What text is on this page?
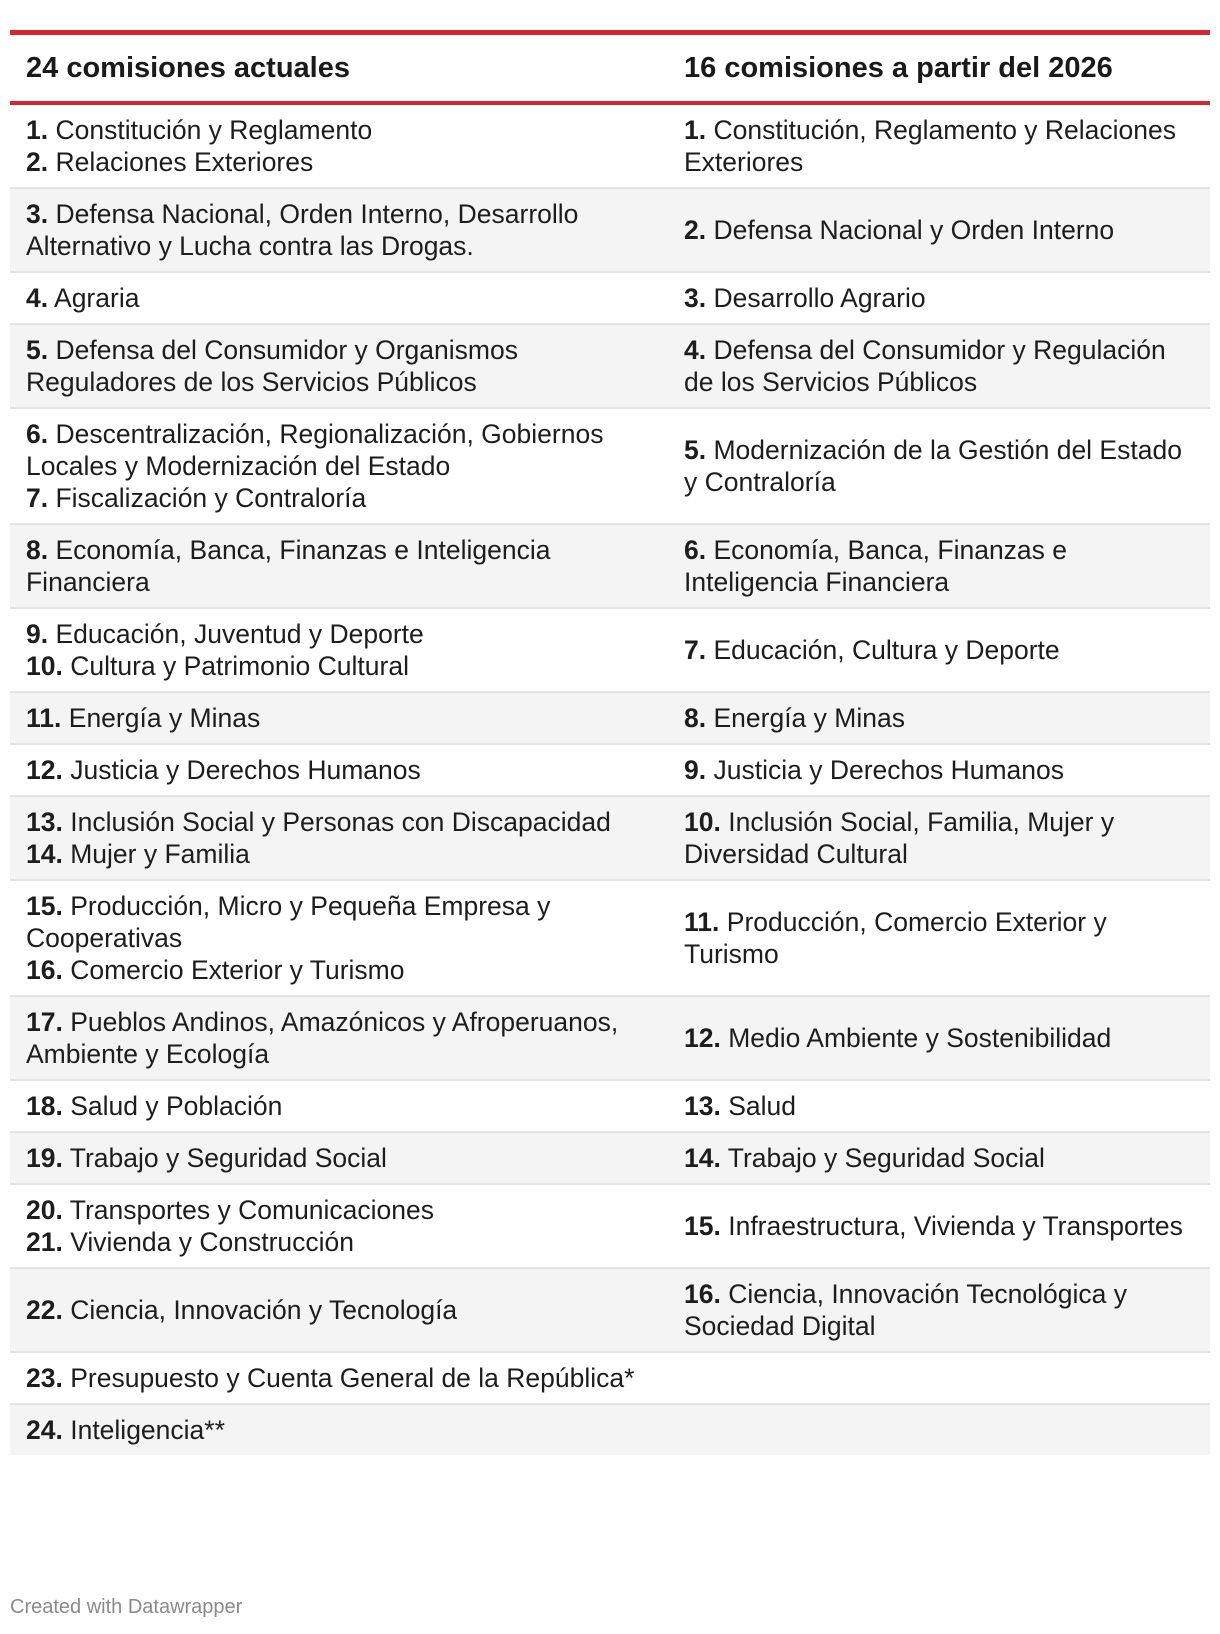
24 comisiones actuales	16 comisiones a partir del 2026

1. Constitución y Reglamento
2. Relaciones Exteriores	1. Constitución, Reglamento y Relaciones Exteriores

3. Defensa Nacional, Orden Interno, Desarrollo Alternativo y Lucha contra las Drogas.	2. Defensa Nacional y Orden Interno

4. Agraria	3. Desarrollo Agrario

5. Defensa del Consumidor y Organismos Reguladores de los Servicios Públicos	4. Defensa del Consumidor y Regulación de los Servicios Públicos

6. Descentralización, Regionalización, Gobiernos Locales y Modernización del Estado
7. Fiscalización y Contraloría	5. Modernización de la Gestión del Estado y Contraloría

8. Economía, Banca, Finanzas e Inteligencia Financiera	6. Economía, Banca, Finanzas e Inteligencia Financiera

9. Educación, Juventud y Deporte
10. Cultura y Patrimonio Cultural	7. Educación, Cultura y Deporte

11. Energía y Minas	8. Energía y Minas

12. Justicia y Derechos Humanos	9. Justicia y Derechos Humanos

13. Inclusión Social y Personas con Discapacidad
14. Mujer y Familia	10. Inclusión Social, Familia, Mujer y Diversidad Cultural

15. Producción, Micro y Pequeña Empresa y Cooperativas
16. Comercio Exterior y Turismo	11. Producción, Comercio Exterior y Turismo

17. Pueblos Andinos, Amazónicos y Afroperuanos, Ambiente y Ecología	12. Medio Ambiente y Sostenibilidad

18. Salud y Población	13. Salud

19. Trabajo y Seguridad Social	14. Trabajo y Seguridad Social

20. Transportes y Comunicaciones
21. Vivienda y Construcción	15. Infraestructura, Vivienda y Transportes

22. Ciencia, Innovación y Tecnología	16. Ciencia, Innovación Tecnológica y Sociedad Digital

23. Presupuesto y Cuenta General de la República*	

24. Inteligencia**	

Created with Datawrapper
